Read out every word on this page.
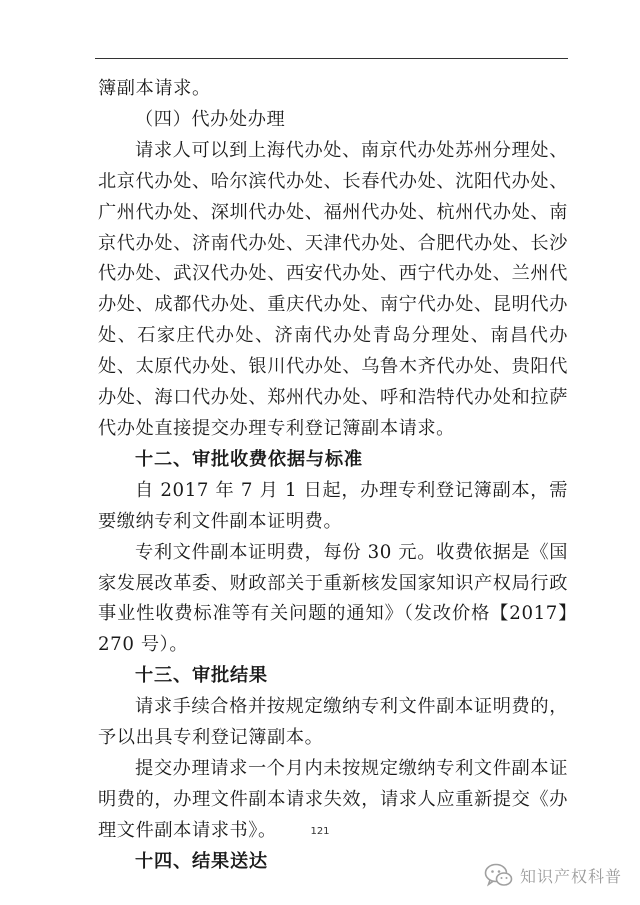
簿副本请求。

（四）代办处办理

请求人可以到上海代办处、南京代办处苏州分理处、北京代办处、哈尔滨代办处、长春代办处、沈阳代办处、广州代办处、深圳代办处、福州代办处、杭州代办处、南京代办处、济南代办处、天津代办处、合肥代办处、长沙代办处、武汉代办处、西安代办处、西宁代办处、兰州代办处、成都代办处、重庆代办处、南宁代办处、昆明代办处、石家庄代办处、济南代办处青岛分理处、南昌代办处、太原代办处、银川代办处、乌鲁木齐代办处、贵阳代办处、海口代办处、郑州代办处、呼和浩特代办处和拉萨代办处直接提交办理专利登记簿副本请求。

十二、审批收费依据与标准

自 2017 年 7 月 1 日起，办理专利登记簿副本，需要缴纳专利文件副本证明费。

专利文件副本证明费，每份 30 元。收费依据是《国家发展改革委、财政部关于重新核发国家知识产权局行政事业性收费标准等有关问题的通知》（发改价格【2017】270 号）。

十三、审批结果

请求手续合格并按规定缴纳专利文件副本证明费的，予以出具专利登记簿副本。

提交办理请求一个月内未按规定缴纳专利文件副本证明费的，办理文件副本请求失效，请求人应重新提交《办理文件副本请求书》。

十四、结果送达

121
知识产权科普
